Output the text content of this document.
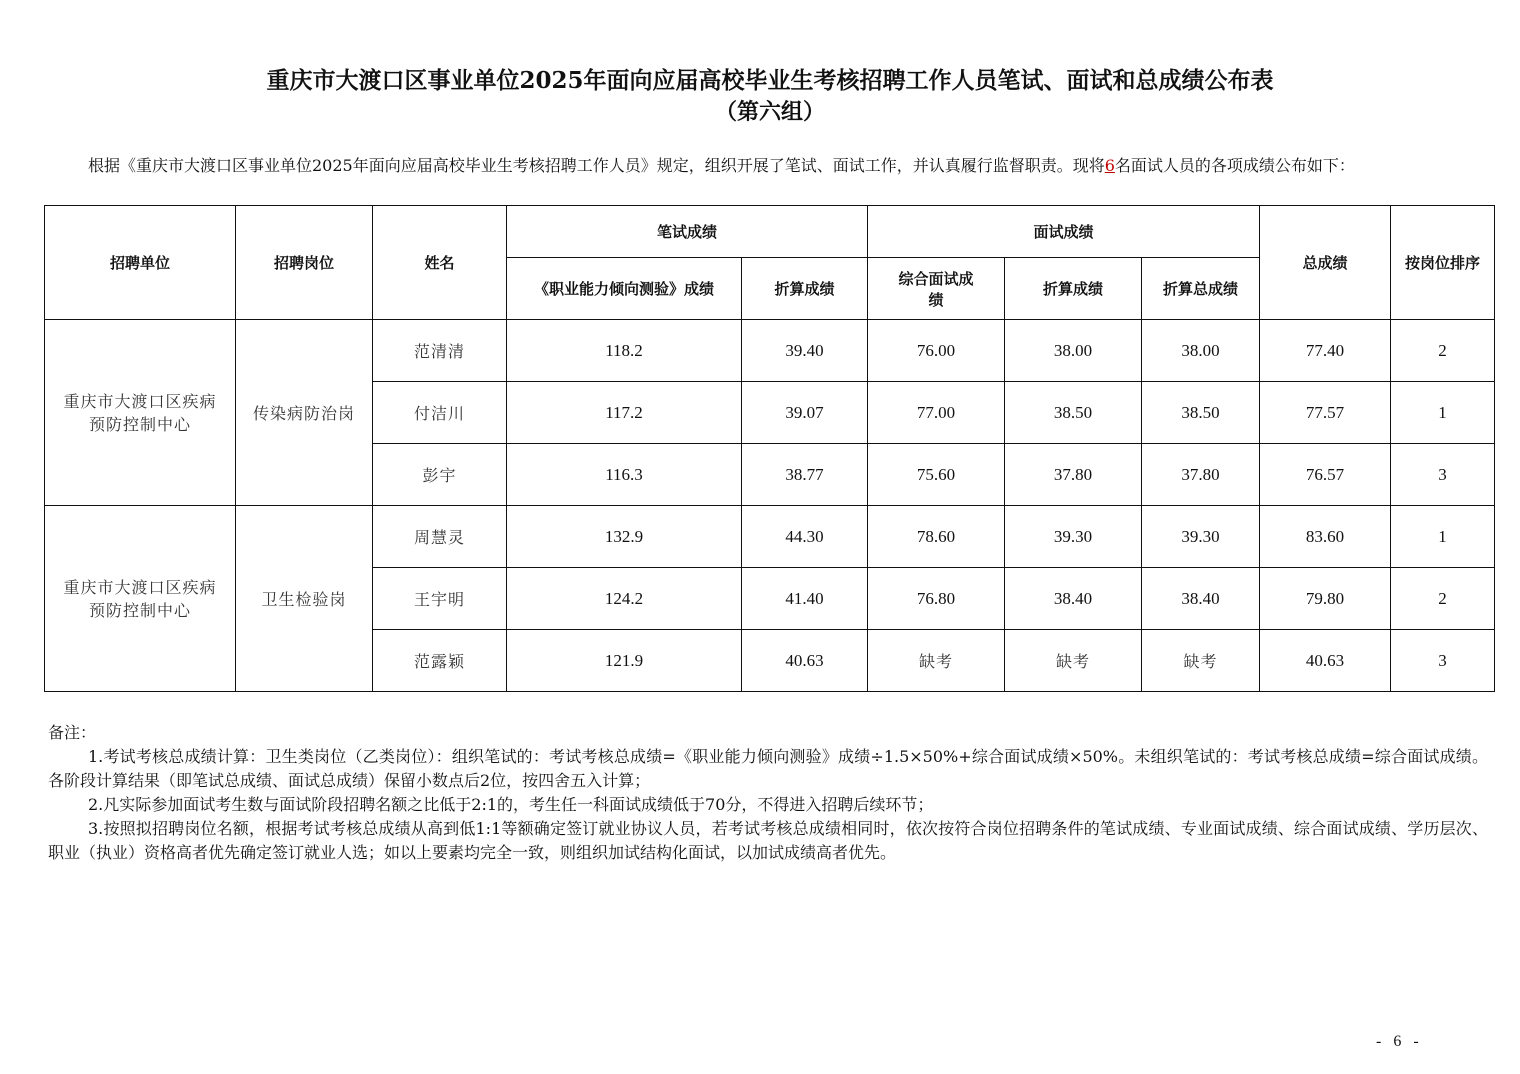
重庆市大渡口区事业单位2025年面向应届高校毕业生考核招聘工作人员笔试、面试和总成绩公布表
（第六组）
根据《重庆市大渡口区事业单位2025年面向应届高校毕业生考核招聘工作人员》规定，组织开展了笔试、面试工作，并认真履行监督职责。现将6名面试人员的各项成绩公布如下：
招聘单位	招聘岗位	姓名	笔试成绩		面试成绩			总成绩	按岗位排序
			《职业能力倾向测验》成绩	折算成绩	综合面试成绩	折算成绩	折算总成绩		
重庆市大渡口区疾病预防控制中心	传染病防治岗	范清清	118.2	39.40	76.00	38.00	38.00	77.40	2
		付洁川	117.2	39.07	77.00	38.50	38.50	77.57	1
		彭宇	116.3	38.77	75.60	37.80	37.80	76.57	3
重庆市大渡口区疾病预防控制中心	卫生检验岗	周慧灵	132.9	44.30	78.60	39.30	39.30	83.60	1
		王宇明	124.2	41.40	76.80	38.40	38.40	79.80	2
		范露颖	121.9	40.63	缺考	缺考	缺考	40.63	3

备注：

1.考试考核总成绩计算：卫生类岗位（乙类岗位）：组织笔试的：考试考核总成绩=《职业能力倾向测验》成绩÷1.5×50%+综合面试成绩×50%。未组织笔试的：考试考核总成绩=综合面试成绩。各阶段计算结果（即笔试总成绩、面试总成绩）保留小数点后2位，按四舍五入计算；

2.凡实际参加面试考生数与面试阶段招聘名额之比低于2:1的，考生任一科面试成绩低于70分，不得进入招聘后续环节；

3.按照拟招聘岗位名额，根据考试考核总成绩从高到低1:1等额确定签订就业协议人员，若考试考核总成绩相同时，依次按符合岗位招聘条件的笔试成绩、专业面试成绩、综合面试成绩、学历层次、职业（执业）资格高者优先确定签订就业人选；如以上要素均完全一致，则组织加试结构化面试，以加试成绩高者优先。

- 6 -
